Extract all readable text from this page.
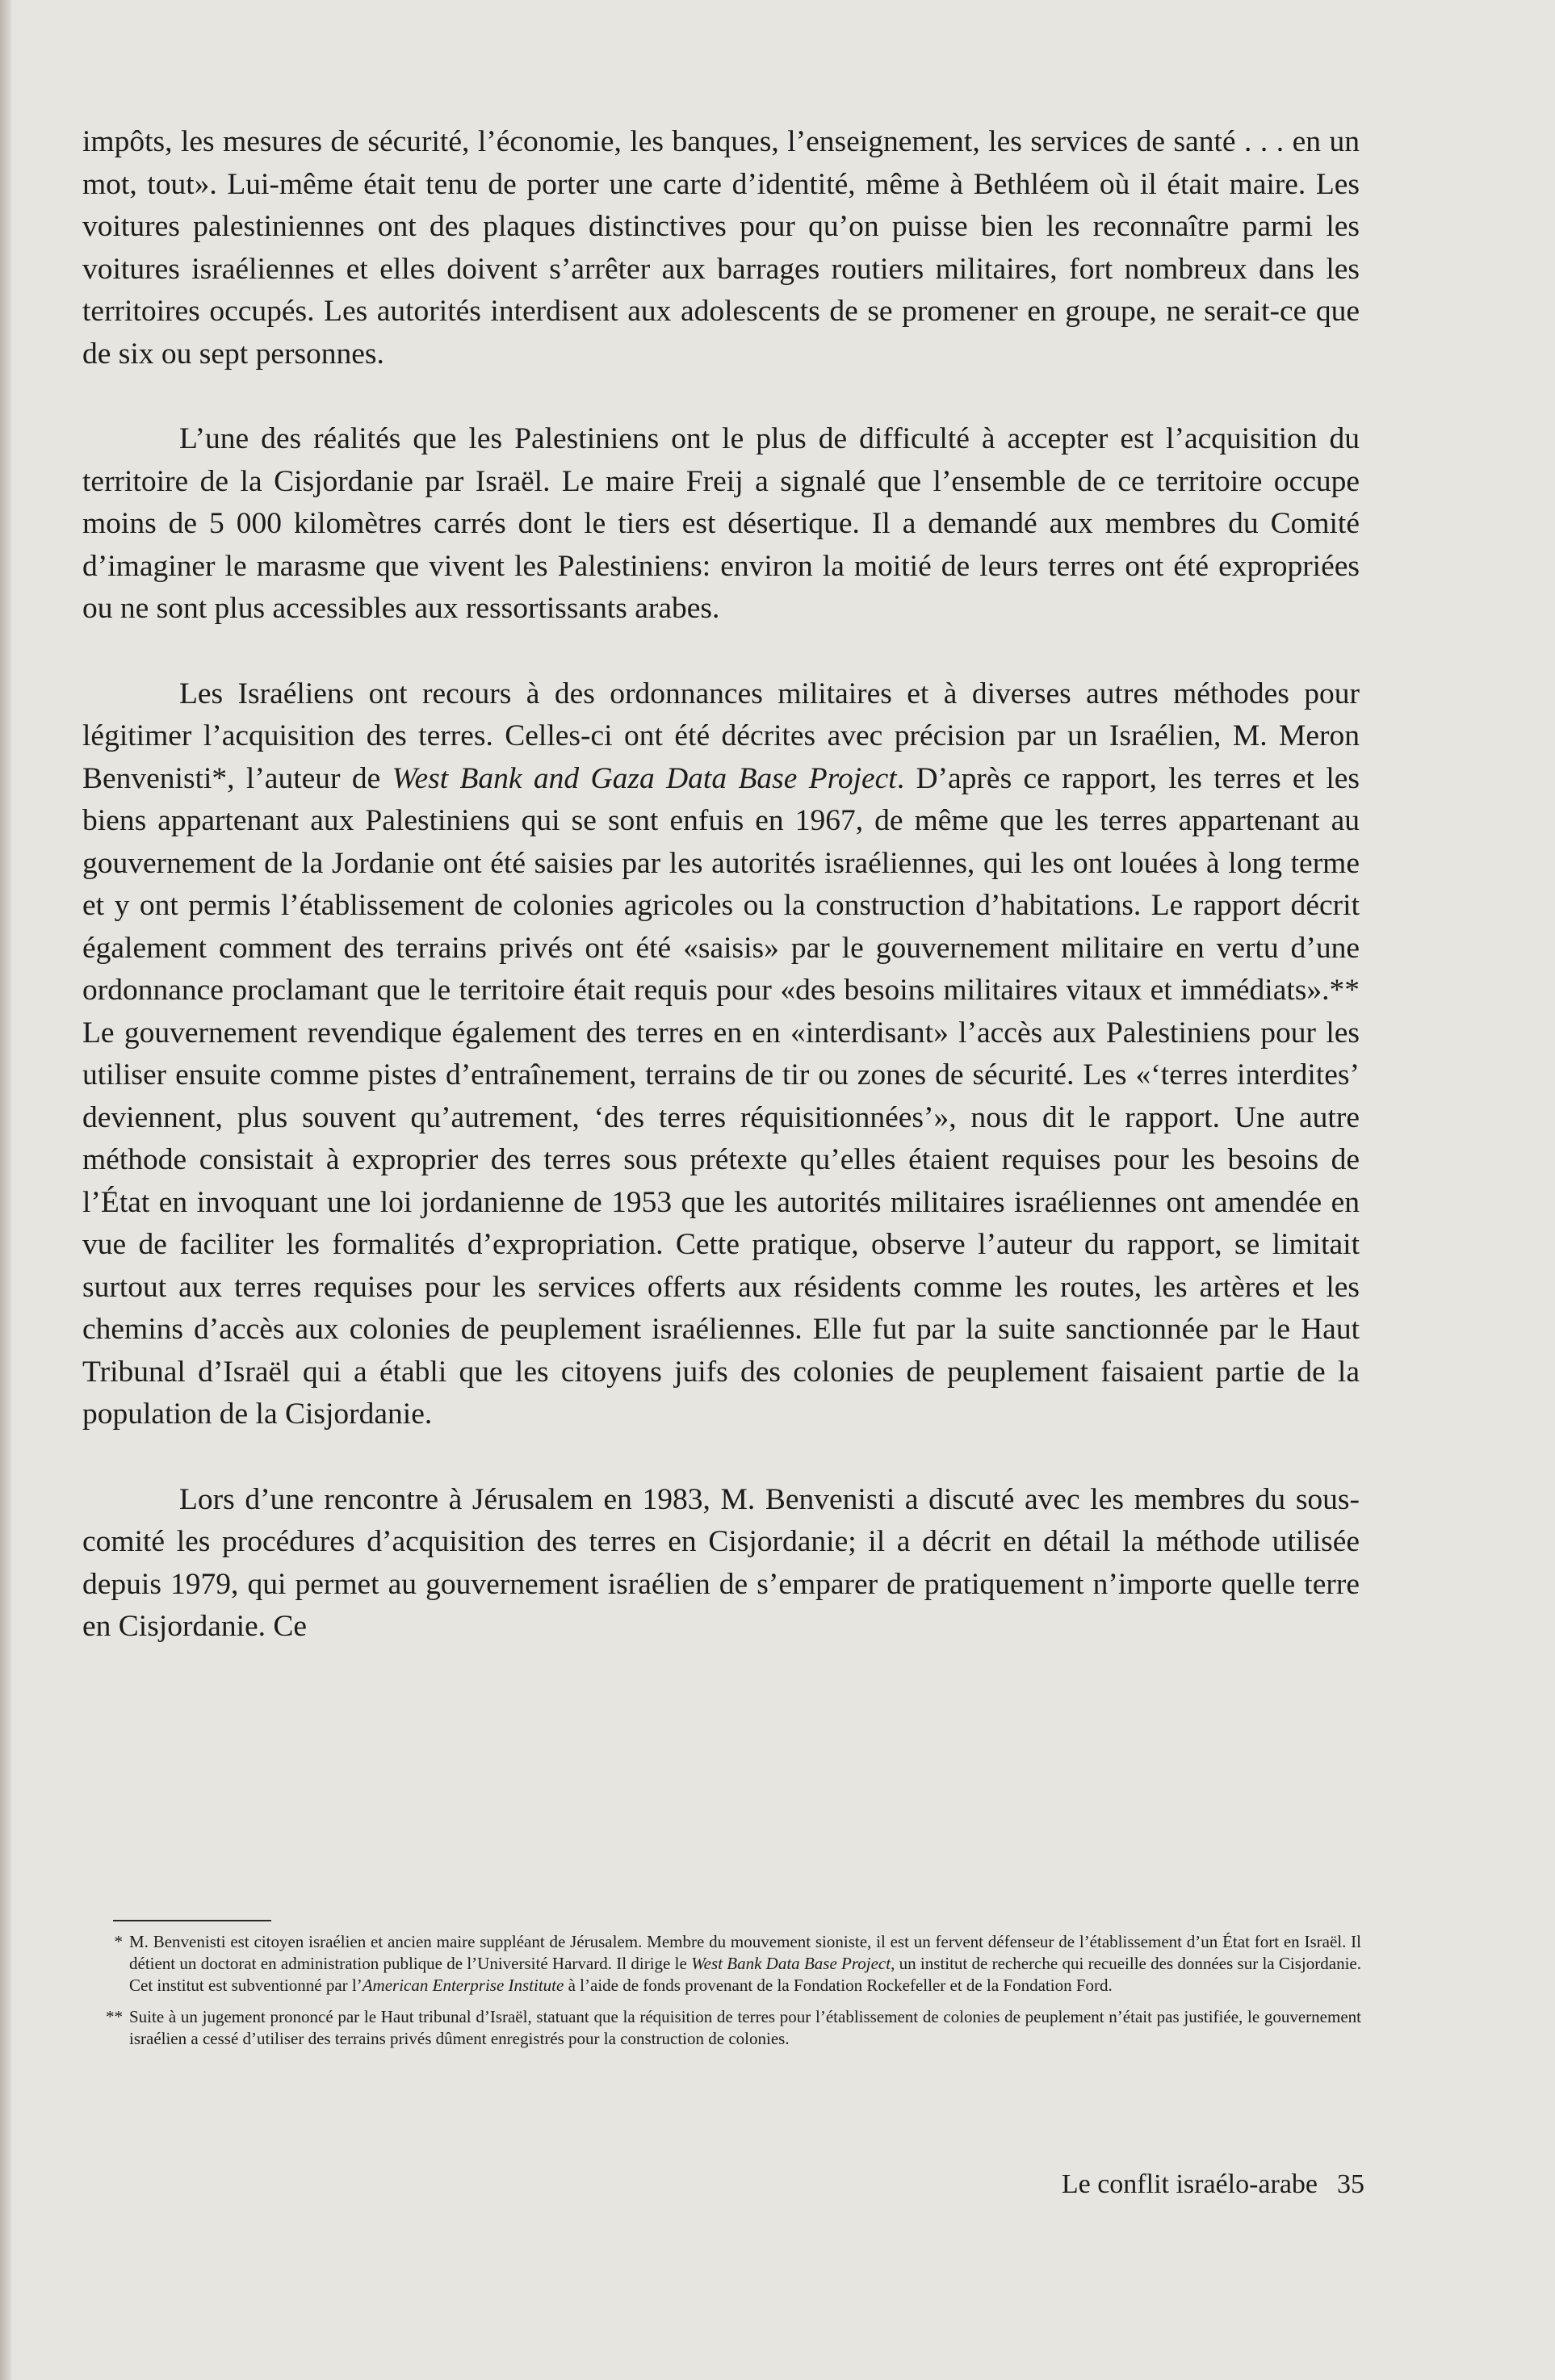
impôts, les mesures de sécurité, l’économie, les banques, l’enseignement, les services de santé . . . en un mot, tout». Lui-même était tenu de porter une carte d’identité, même à Bethléem où il était maire. Les voitures palestiniennes ont des plaques distinctives pour qu’on puisse bien les reconnaître parmi les voitures israéliennes et elles doivent s’arrêter aux barrages routiers militaires, fort nombreux dans les territoires occupés. Les autorités interdisent aux adolescents de se promener en groupe, ne serait-ce que de six ou sept personnes.

L’une des réalités que les Palestiniens ont le plus de difficulté à accepter est l’acquisition du territoire de la Cisjordanie par Israël. Le maire Freij a signalé que l’ensemble de ce territoire occupe moins de 5 000 kilomètres carrés dont le tiers est désertique. Il a demandé aux membres du Comité d’imaginer le marasme que vivent les Palestiniens: environ la moitié de leurs terres ont été expropriées ou ne sont plus accessibles aux ressortissants arabes.

Les Israéliens ont recours à des ordonnances militaires et à diverses autres méthodes pour légitimer l’acquisition des terres. Celles-ci ont été décrites avec précision par un Israélien, M. Meron Benvenisti*, l’auteur de West Bank and Gaza Data Base Project. D’après ce rapport, les terres et les biens appartenant aux Palestiniens qui se sont enfuis en 1967, de même que les terres appartenant au gouvernement de la Jordanie ont été saisies par les autorités israéliennes, qui les ont louées à long terme et y ont permis l’établissement de colonies agricoles ou la construction d’habitations. Le rapport décrit également comment des terrains privés ont été «saisis» par le gouvernement militaire en vertu d’une ordonnance proclamant que le territoire était requis pour «des besoins militaires vitaux et immédiats».** Le gouvernement revendique également des terres en en «interdisant» l’accès aux Palestiniens pour les utiliser ensuite comme pistes d’entraînement, terrains de tir ou zones de sécurité. Les «‘terres interdites’ deviennent, plus souvent qu’autrement, ‘des terres réquisitionnées’», nous dit le rapport. Une autre méthode consistait à exproprier des terres sous prétexte qu’elles étaient requises pour les besoins de l’État en invoquant une loi jordanienne de 1953 que les autorités militaires israéliennes ont amendée en vue de faciliter les formalités d’expropriation. Cette pratique, observe l’auteur du rapport, se limitait surtout aux terres requises pour les services offerts aux résidents comme les routes, les artères et les chemins d’accès aux colonies de peuplement israéliennes. Elle fut par la suite sanctionnée par le Haut Tribunal d’Israël qui a établi que les citoyens juifs des colonies de peuplement faisaient partie de la population de la Cisjordanie.

Lors d’une rencontre à Jérusalem en 1983, M. Benvenisti a discuté avec les membres du sous-comité les procédures d’acquisition des terres en Cisjordanie; il a décrit en détail la méthode utilisée depuis 1979, qui permet au gouvernement israélien de s’emparer de pratiquement n’importe quelle terre en Cisjordanie. Ce

* M. Benvenisti est citoyen israélien et ancien maire suppléant de Jérusalem. Membre du mouvement sioniste, il est un fervent défenseur de l’établissement d’un État fort en Israël. Il détient un doctorat en administration publique de l’Université Harvard. Il dirige le West Bank Data Base Project, un institut de recherche qui recueille des données sur la Cisjordanie. Cet institut est subventionné par l’American Enterprise Institute à l’aide de fonds provenant de la Fondation Rockefeller et de la Fondation Ford.

** Suite à un jugement prononcé par le Haut tribunal d’Israël, statuant que la réquisition de terres pour l’établissement de colonies de peuplement n’était pas justifiée, le gouvernement israélien a cessé d’utiliser des terrains privés dûment enregistrés pour la construction de colonies.

Le conflit israélo-arabe 35
